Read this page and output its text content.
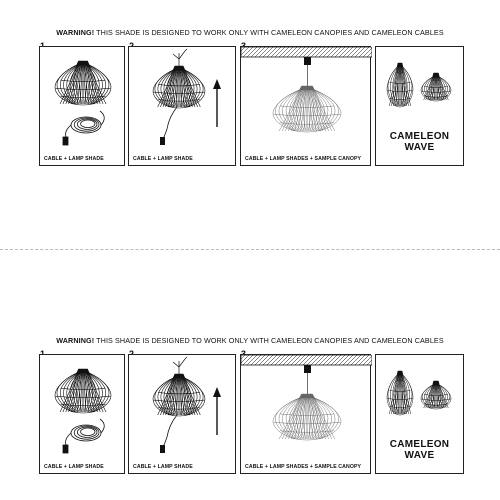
WARNING! THIS SHADE IS DESIGNED TO WORK ONLY WITH CAMELEON CANOPIES AND CAMELEON CABLES
CABLE + LAMP SHADE	CABLE + LAMP SHADE	CABLE + LAMP SHADES + SAMPLE CANOPY
CAMELEON
WAVE
WARNING! THIS SHADE IS DESIGNED TO WORK ONLY WITH CAMELEON CANOPIES AND CAMELEON CABLES
CABLE + LAMP SHADE	CABLE + LAMP SHADE	CABLE + LAMP SHADES + SAMPLE CANOPY
CAMELEON
WAVE
